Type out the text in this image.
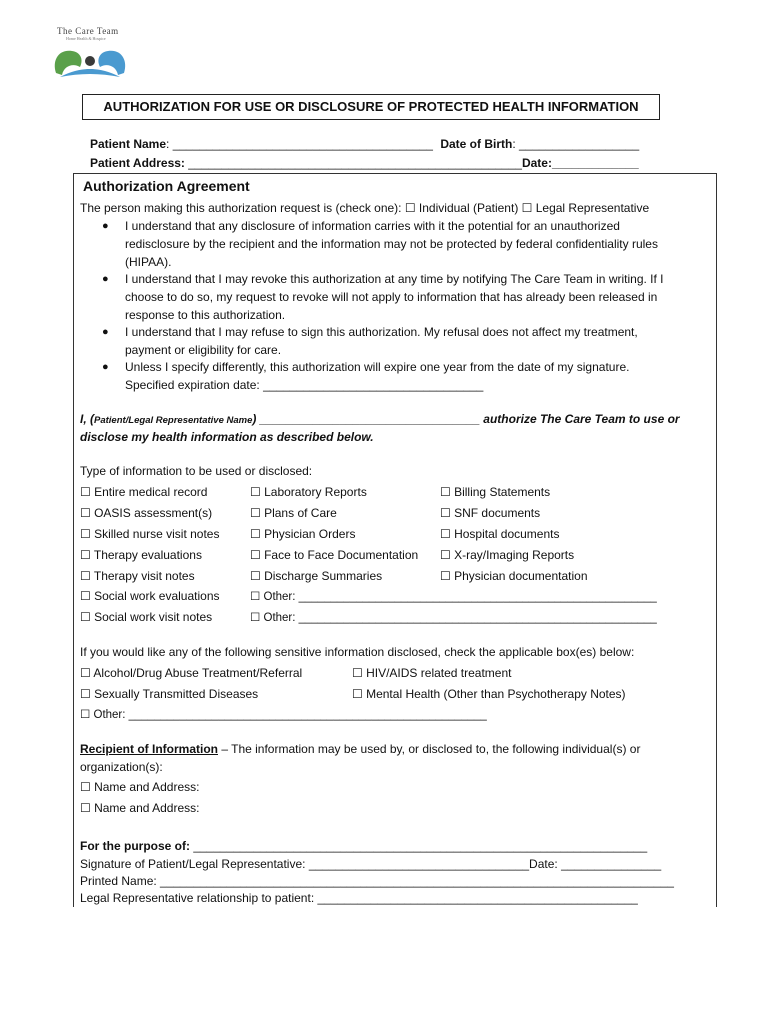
The Care Team
Home Health & Hospice
AUTHORIZATION FOR USE OR DISCLOSURE OF PROTECTED HEALTH INFORMATION
Patient Name: _______________________________________ Date of Birth: __________________
Patient Address: __________________________________________________Date:_____________
Authorization Agreement
The person making this authorization request is (check one): ☐ Individual (Patient) ☐ Legal Representative
● I understand that any disclosure of information carries with it the potential for an unauthorized
redisclosure by the recipient and the information may not be protected by federal confidentiality rules
(HIPAA).
● I understand that I may revoke this authorization at any time by notifying The Care Team in writing. If I
choose to do so, my request to revoke will not apply to information that has already been released in
response to this authorization.
● I understand that I may refuse to sign this authorization. My refusal does not affect my treatment,
payment or eligibility for care.
● Unless I specify differently, this authorization will expire one year from the date of my signature.
Specified expiration date: _________________________________
I, (Patient/Legal Representative Name) _________________________________ authorize The Care Team to use or
disclose my health information as described below.
Type of information to be used or disclosed:
☐ Entire medical record
☐ OASIS assessment(s)
☐ Skilled nurse visit notes
☐ Therapy evaluations
☐ Therapy visit notes
☐ Social work evaluations
☐ Social work visit notes
☐ Laboratory Reports
☐ Plans of Care
☐ Physician Orders
☐ Face to Face Documentation
☐ Discharge Summaries
☐ Other: ________________________________________________________
☐ Other: ________________________________________________________
☐ Billing Statements
☐ SNF documents
☐ Hospital documents
☐ X-ray/Imaging Reports
☐ Physician documentation
If you would like any of the following sensitive information disclosed, check the applicable box(es) below:
☐ Alcohol/Drug Abuse Treatment/Referral	☐ HIV/AIDS related treatment
☐ Sexually Transmitted Diseases	☐ Mental Health (Other than Psychotherapy Notes)
☐ Other: ________________________________________________________
Recipient of Information – The information may be used by, or disclosed to, the following individual(s) or
organization(s):
☐ Name and Address:
☐ Name and Address:
For the purpose of: ____________________________________________________________________
Signature of Patient/Legal Representative: _________________________________Date: _______________
Printed Name: _____________________________________________________________________________
Legal Representative relationship to patient: ________________________________________________
